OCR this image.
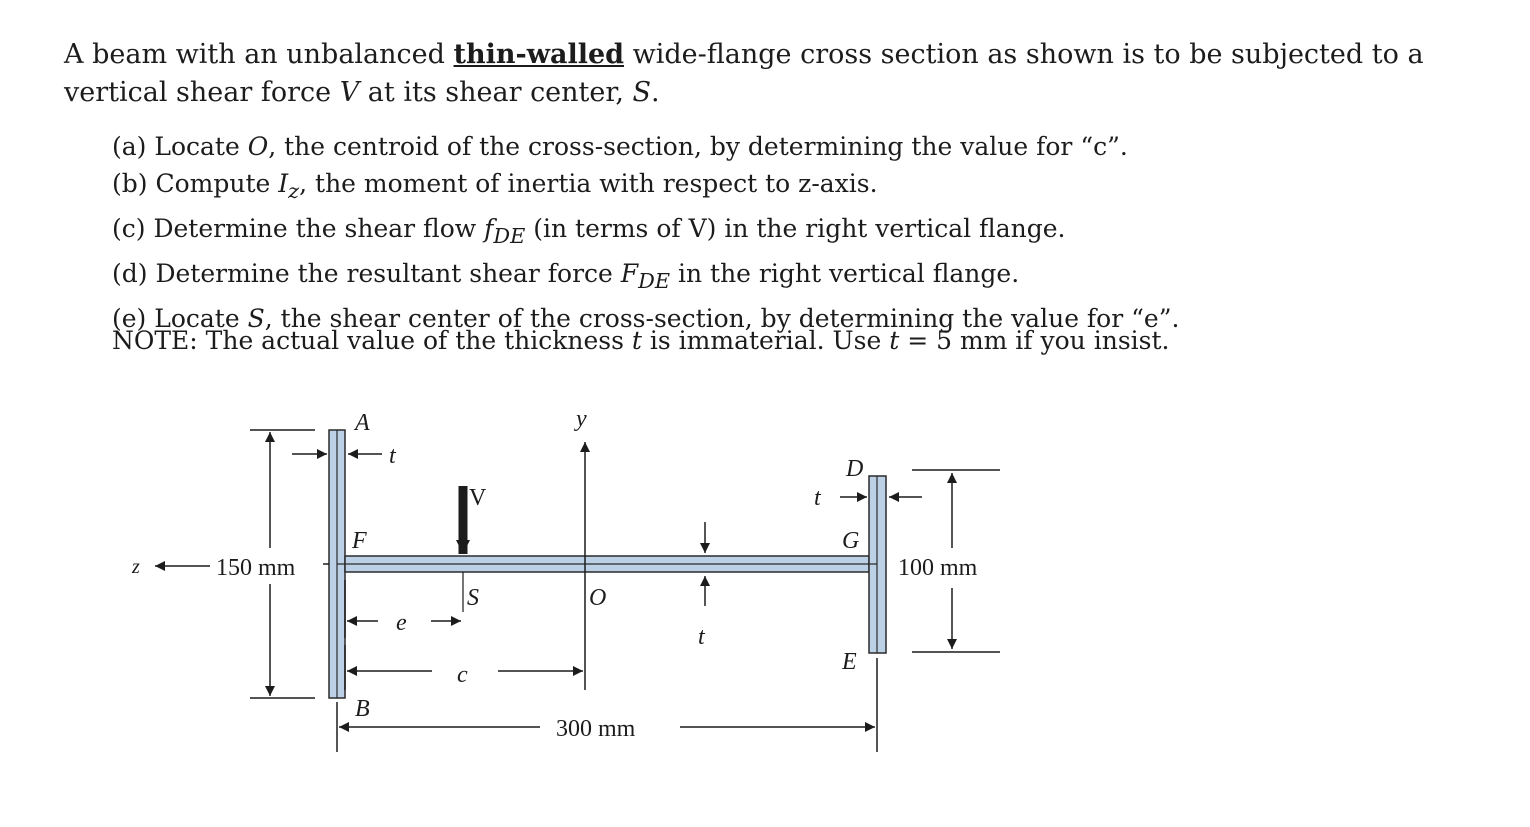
A beam with an unbalanced thin-walled wide-flange cross section as shown is to be subjected to a vertical shear force V at its shear center, S.

(a) Locate O, the centroid of the cross-section, by determining the value for “c”.
(b) Compute $I_z$, the moment of inertia with respect to z-axis.
(c) Determine the shear flow $f_{DE}$ (in terms of V) in the right vertical flange.
(d) Determine the resultant shear force $F_{DE}$ in the right vertical flange.
(e) Locate S, the shear center of the cross-section, by determining the value for “e”.

NOTE: The actual value of the thickness t is immaterial. Use t = 5 mm if you insist.

A
t
y
V
D
t
F	G
z	150 mm	100 mm
S	O
e
t
E
c
B
300 mm
